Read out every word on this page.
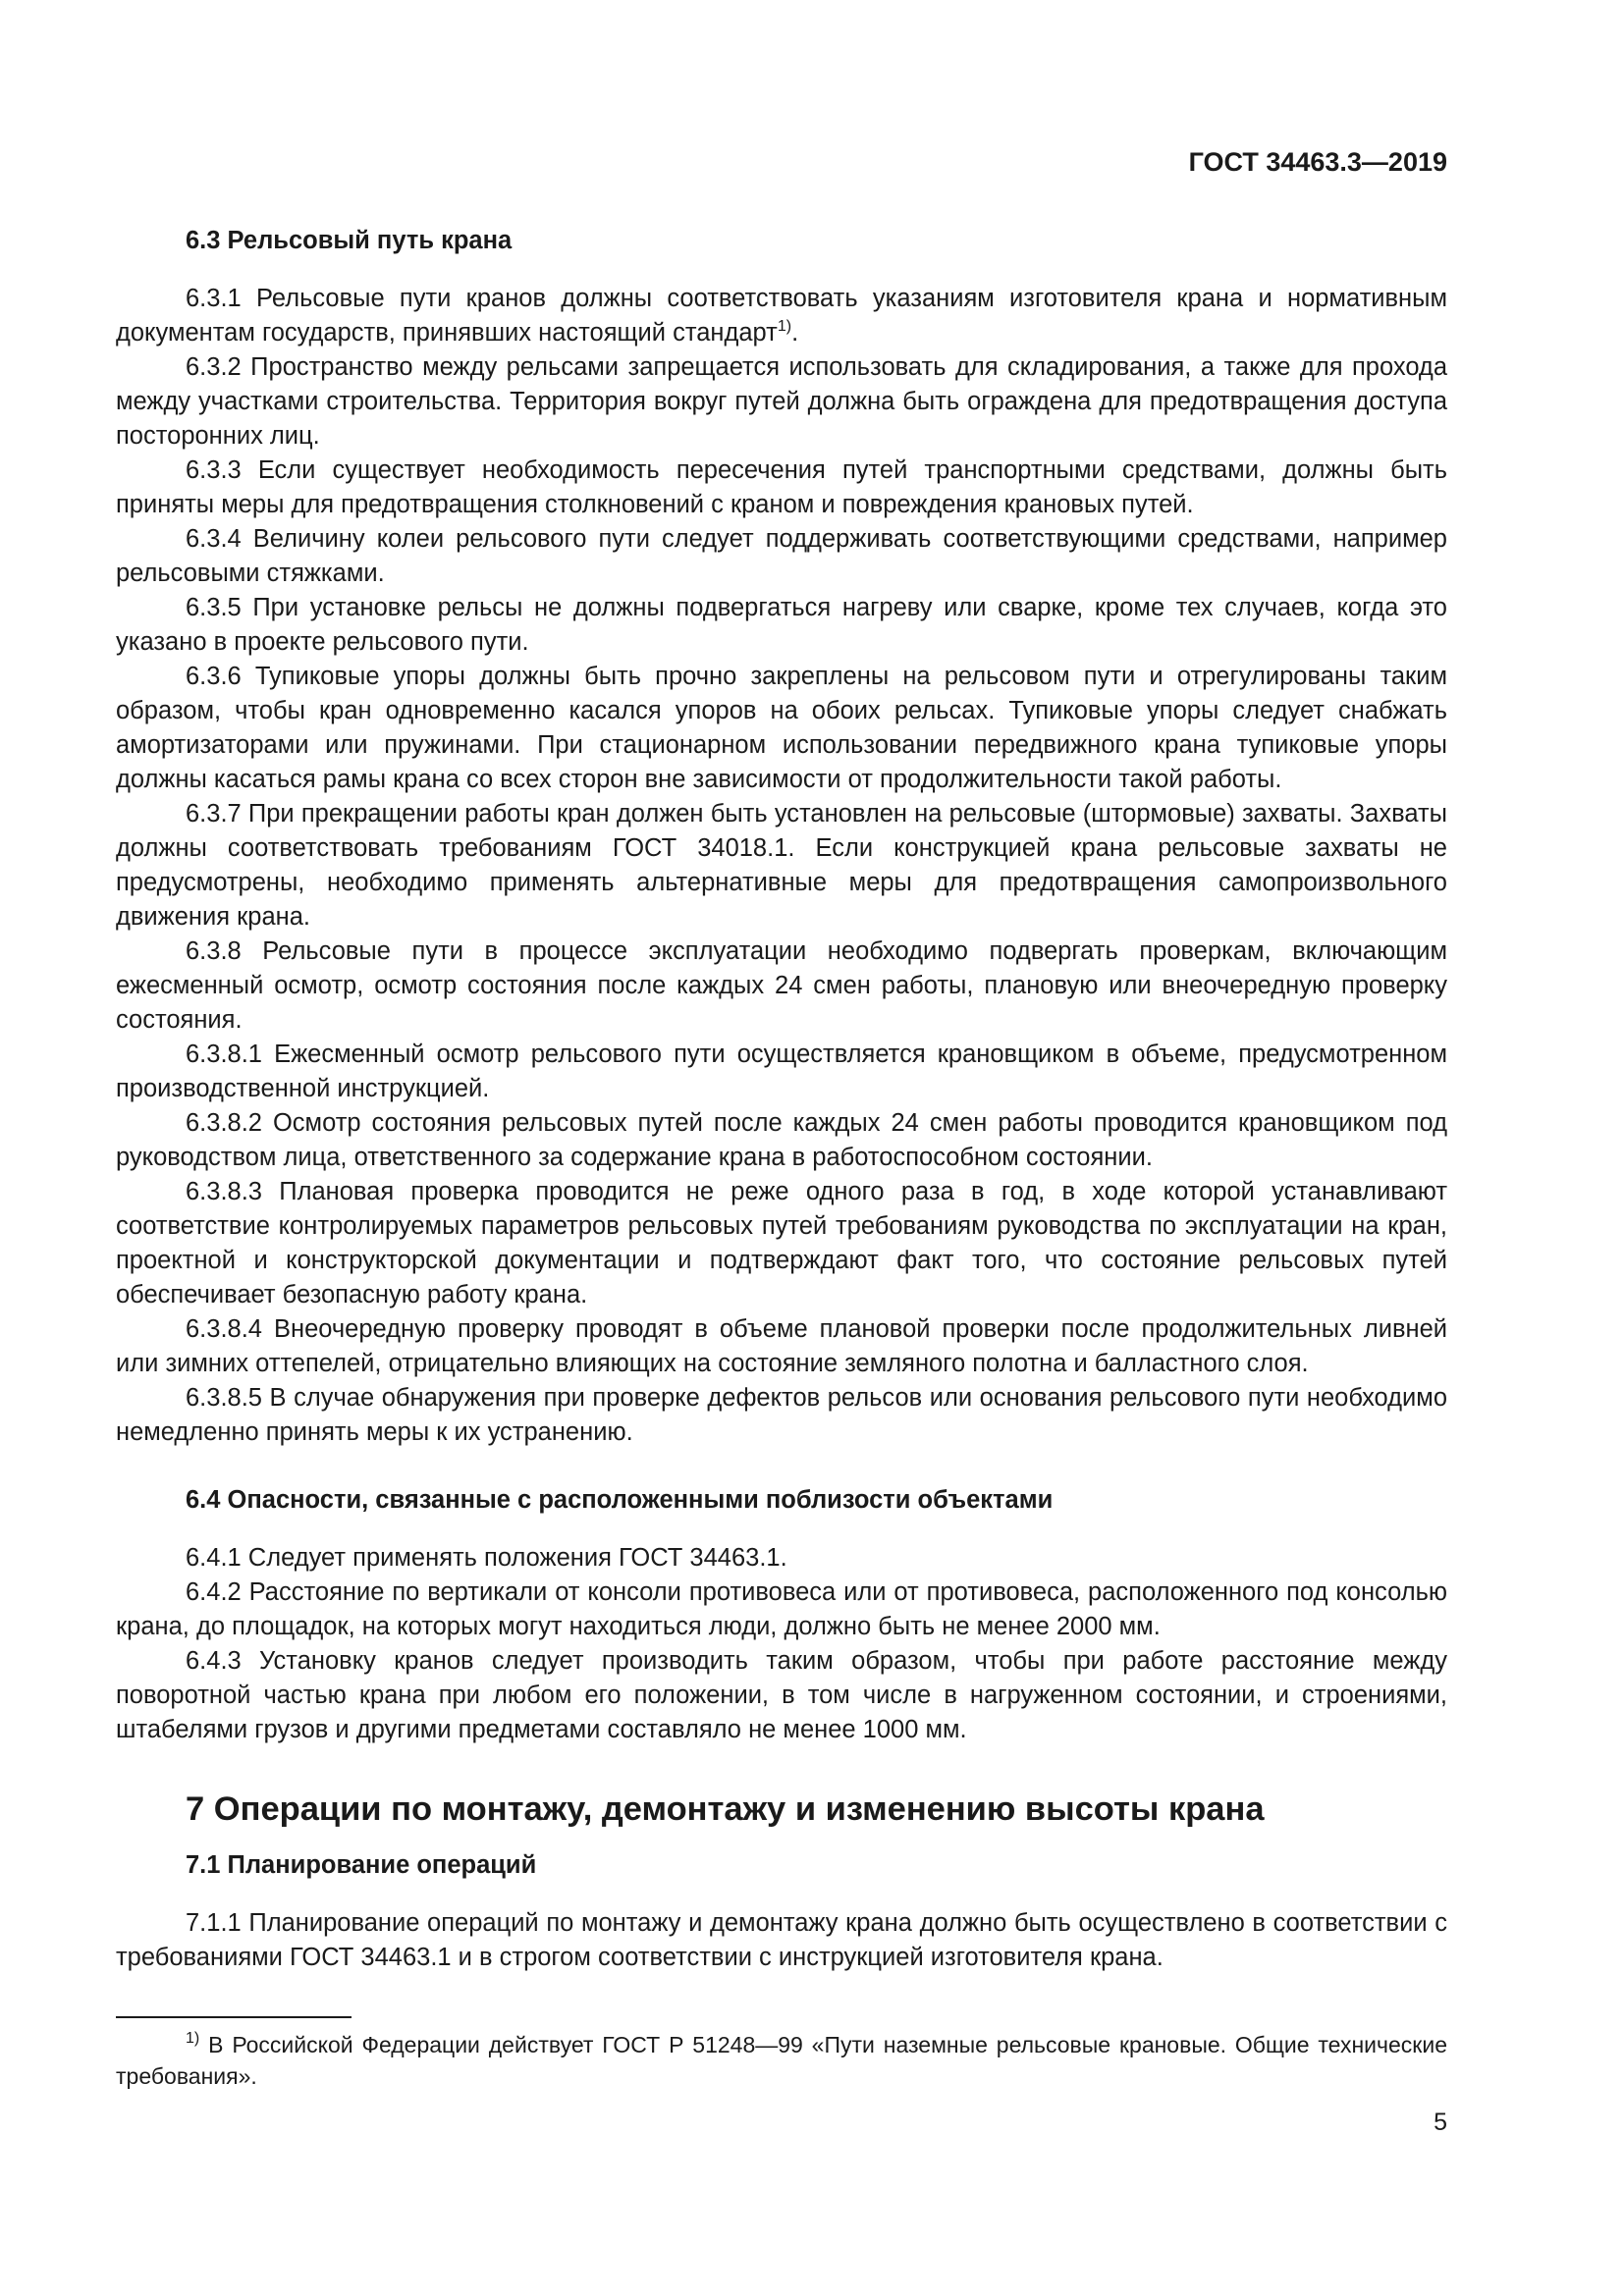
ГОСТ 34463.3—2019
6.3 Рельсовый путь крана

6.3.1 Рельсовые пути кранов должны соответствовать указаниям изготовителя крана и нормативным документам государств, принявших настоящий стандарт$^{1)}$.

6.3.2 Пространство между рельсами запрещается использовать для складирования, а также для прохода между участками строительства. Территория вокруг путей должна быть ограждена для предотвращения доступа посторонних лиц.

6.3.3 Если существует необходимость пересечения путей транспортными средствами, должны быть приняты меры для предотвращения столкновений с краном и повреждения крановых путей.

6.3.4 Величину колеи рельсового пути следует поддерживать соответствующими средствами, например рельсовыми стяжками.

6.3.5 При установке рельсы не должны подвергаться нагреву или сварке, кроме тех случаев, когда это указано в проекте рельсового пути.

6.3.6 Тупиковые упоры должны быть прочно закреплены на рельсовом пути и отрегулированы таким образом, чтобы кран одновременно касался упоров на обоих рельсах. Тупиковые упоры следует снабжать амортизаторами или пружинами. При стационарном использовании передвижного крана тупиковые упоры должны касаться рамы крана со всех сторон вне зависимости от продолжительности такой работы.

6.3.7 При прекращении работы кран должен быть установлен на рельсовые (штормовые) захваты. Захваты должны соответствовать требованиям ГОСТ 34018.1. Если конструкцией крана рельсовые захваты не предусмотрены, необходимо применять альтернативные меры для предотвращения самопроизвольного движения крана.

6.3.8 Рельсовые пути в процессе эксплуатации необходимо подвергать проверкам, включающим ежесменный осмотр, осмотр состояния после каждых 24 смен работы, плановую или внеочередную проверку состояния.

6.3.8.1 Ежесменный осмотр рельсового пути осуществляется крановщиком в объеме, предусмотренном производственной инструкцией.

6.3.8.2 Осмотр состояния рельсовых путей после каждых 24 смен работы проводится крановщиком под руководством лица, ответственного за содержание крана в работоспособном состоянии.

6.3.8.3 Плановая проверка проводится не реже одного раза в год, в ходе которой устанавливают соответствие контролируемых параметров рельсовых путей требованиям руководства по эксплуатации на кран, проектной и конструкторской документации и подтверждают факт того, что состояние рельсовых путей обеспечивает безопасную работу крана.

6.3.8.4 Внеочередную проверку проводят в объеме плановой проверки после продолжительных ливней или зимних оттепелей, отрицательно влияющих на состояние земляного полотна и балластного слоя.

6.3.8.5 В случае обнаружения при проверке дефектов рельсов или основания рельсового пути необходимо немедленно принять меры к их устранению.

6.4 Опасности, связанные с расположенными поблизости объектами

6.4.1 Следует применять положения ГОСТ 34463.1.

6.4.2 Расстояние по вертикали от консоли противовеса или от противовеса, расположенного под консолью крана, до площадок, на которых могут находиться люди, должно быть не менее 2000 мм.

6.4.3 Установку кранов следует производить таким образом, чтобы при работе расстояние между поворотной частью крана при любом его положении, в том числе в нагруженном состоянии, и строениями, штабелями грузов и другими предметами составляло не менее 1000 мм.

7 Операции по монтажу, демонтажу и изменению высоты крана
7.1 Планирование операций

7.1.1 Планирование операций по монтажу и демонтажу крана должно быть осуществлено в соответствии с требованиями ГОСТ 34463.1 и в строгом соответствии с инструкцией изготовителя крана.

$^{1)}$ В Российской Федерации действует ГОСТ Р 51248—99 «Пути наземные рельсовые крановые. Общие технические требования».
5
